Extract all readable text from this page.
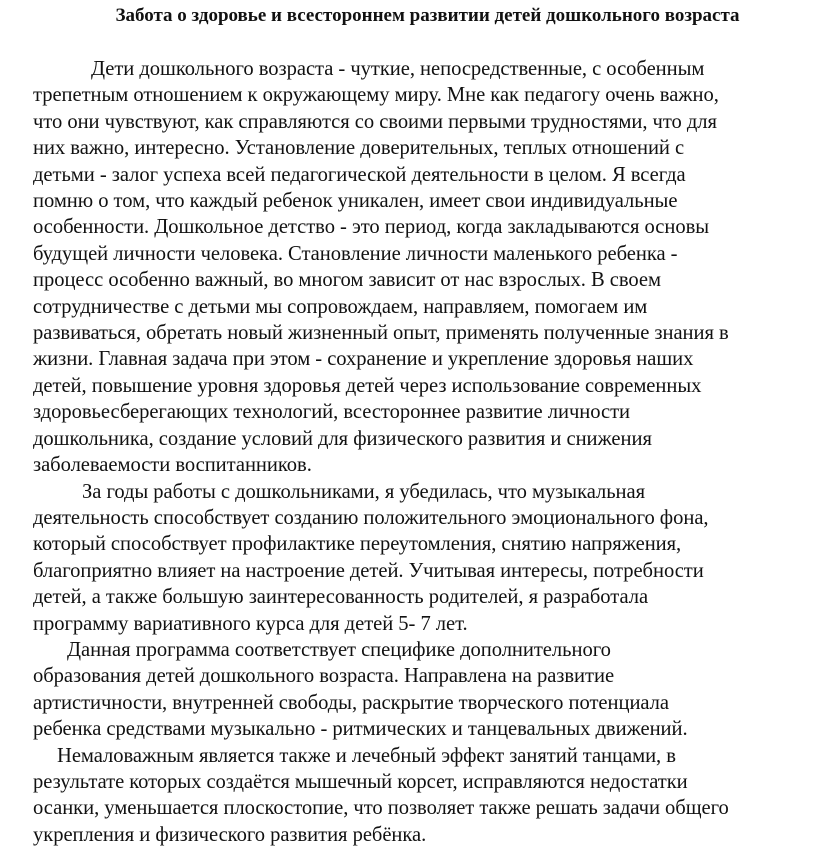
Забота о здоровье и всестороннем развитии детей дошкольного возраста

Дети дошкольного возраста - чуткие, непосредственные, с особенным
трепетным отношением к окружающему миру. Мне как педагогу очень важно,
что они чувствуют, как справляются со своими первыми трудностями, что для
них важно, интересно. Установление доверительных, теплых отношений с
детьми - залог успеха всей педагогической деятельности в целом. Я всегда
помню о том, что каждый ребенок уникален, имеет свои индивидуальные
особенности. Дошкольное детство - это период, когда закладываются основы
будущей личности человека. Становление личности маленького ребенка -
процесс особенно важный, во многом зависит от нас взрослых. В своем
сотрудничестве с детьми мы сопровождаем, направляем, помогаем им
развиваться, обретать новый жизненный опыт, применять полученные знания в
жизни. Главная задача при этом - сохранение и укрепление здоровья наших
детей, повышение уровня здоровья детей через использование современных
здоровьесберегающих технологий, всестороннее развитие личности
дошкольника, создание условий для физического развития и снижения
заболеваемости воспитанников.

За годы работы с дошкольниками, я убедилась, что музыкальная
деятельность способствует созданию положительного эмоционального фона,
который способствует профилактике переутомления, снятию напряжения,
благоприятно влияет на настроение детей. Учитывая интересы, потребности
детей, а также большую заинтересованность родителей, я разработала
программу вариативного курса для детей 5- 7 лет.

Данная программа соответствует специфике дополнительного
образования детей дошкольного возраста. Направлена на развитие
артистичности, внутренней свободы, раскрытие творческого потенциала
ребенка средствами музыкально - ритмических и танцевальных движений.

Немаловажным является также и лечебный эффект занятий танцами, в
результате которых создаётся мышечный корсет, исправляются недостатки
осанки, уменьшается плоскостопие, что позволяет также решать задачи общего
укрепления и физического развития ребёнка.
